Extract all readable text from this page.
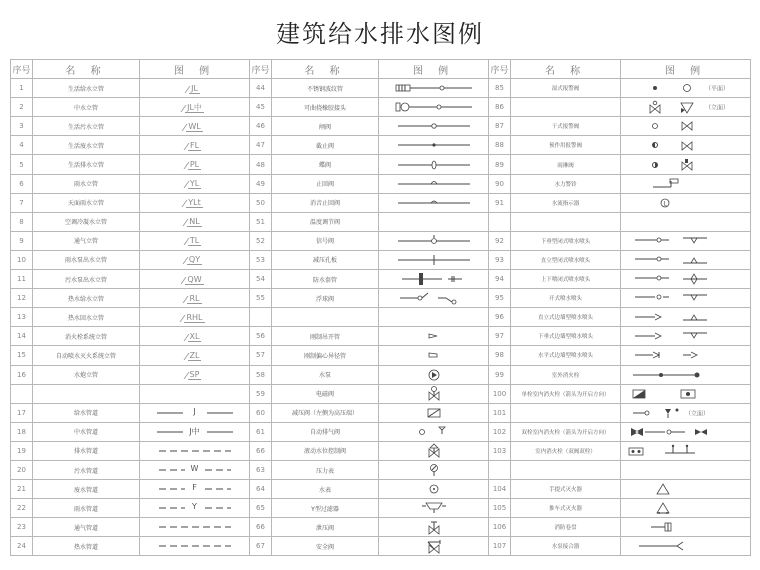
建筑给水排水图例
序号	名 称	图 例	序号	名 称	图 例	序号	名 称	图 例
1	生活给水立管	JL	44	不锈钢波纹管		85	湿式报警阀	（平面）
2	中水立管	JL中	45	可曲挠橡胶接头		86		（立面）
3	生活污水立管	WL	46	闸阀		87	干式报警阀	

4	生活废水立管	FL	47	截止阀		88	预作用报警阀	

5	生活排水立管	PL	48	蝶阀		89	雨淋阀	

6	雨水立管	YL	49	止回阀		90	水力警铃	

7	天面雨水立管	YLt	50	消音止回阀		91	水流指示器	L

8	空调冷凝水立管	NL	51	温度调节阀				
9	通气立管	TL	52	信号阀		92	下垂型闭式喷水喷头	

10	雨水泵出水立管	QY	53	减压孔板		93	直立型闭式喷水喷头	

11	污水泵出水立管	QW	54	防水套管		94	上下喷闭式喷水喷头	

12	热水给水立管	RL	55	浮球阀		95	开式喷水喷头	

13	热水回水立管	RHL				96	直立式边墙型喷水喷头	

14	消火栓系统立管	XL	56	刚制吊开管		97	下垂式边墙型喷水喷头	

15	自动喷水灭火系统立管	ZL	57	刚制偏心异径管		98	水平式边墙型喷水喷头	

16	水炮立管	SP	58	水泵		99	室外消火栓	

			59	电磁阀		100	单栓室内消火栓（箭头为开启方向）	

17	给水管道	J	60	减压阀（左侧为高压端）		101		（立面）
18	中水管道	J中	61	自动排气阀		102	双栓室内消火栓（箭头为开启方向）	

19	排水管道		66	液动水位控制阀		103	室内消火栓（双阀双栓）	

20	污水管道	W	63	压力表	

21	废水管道	F	64	水表		104	手提式灭火器	

22	雨水管道	Y	65	Y型过滤器		105	推车式灭火器	

23	通气管道		66	泄压阀		106	消防卷盘	

24	热水管道		67	安全阀		107	水泵接合器	
